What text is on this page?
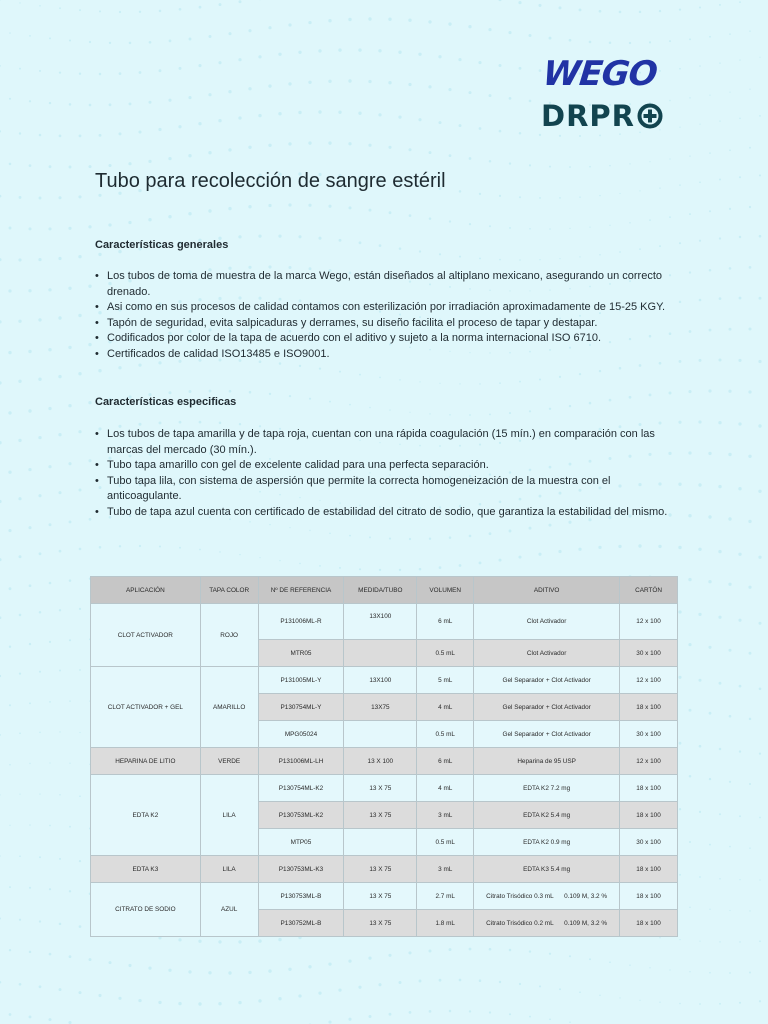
WEGO
DRPR
Tubo para recolección de sangre estéril
Características generales
• Los tubos de toma de muestra de la marca Wego, están diseñados al altiplano mexicano, asegurando un correcto drenado.
• Asi como en sus procesos de calidad contamos con esterilización por irradiación aproximadamente de 15-25 KGY.
• Tapón de seguridad, evita salpicaduras y derrames, su diseño facilita el proceso de tapar y destapar.
• Codificados por color de la tapa de acuerdo con el aditivo y sujeto a la norma internacional ISO 6710.
• Certificados de calidad ISO13485 e ISO9001.
Características especificas
• Los tubos de tapa amarilla y de tapa roja, cuentan con una rápida coagulación (15 mín.) en comparación con las marcas del mercado (30 mín.).
• Tubo tapa amarillo con gel de excelente calidad para una perfecta separación.
• Tubo tapa lila, con sistema de aspersión que permite la correcta homogeneización de la muestra con el anticoagulante.
• Tubo de tapa azul cuenta con certificado de estabilidad del citrato de sodio, que garantiza la estabilidad del mismo.
APLICACIÓN	TAPA COLOR	Nº DE REFERENCIA	MEDIDA/TUBO	VOLUMEN	ADITIVO	CARTÓN
CLOT ACTIVADOR	ROJO	P131006ML-R	13X100	6 mL	Clot Activador	12 x 100
		MTR05		0.5 mL	Clot Activador	30 x 100
CLOT ACTIVADOR + GEL	AMARILLO	P131005ML-Y	13X100	5 mL	Gel Separador + Clot Activador	12 x 100
		P130754ML-Y	13X75	4 mL	Gel Separador + Clot Activador	18 x 100
		MPG05024		0.5 mL	Gel Separador + Clot Activador	30 x 100
HEPARINA DE LITIO	VERDE	P131006ML-LH	13 X 100	6 mL	Heparina de 95 USP	12 x 100
EDTA K2	LILA	P130754ML-K2	13 X 75	4 mL	EDTA K2 7.2 mg	18 x 100
		P130753ML-K2	13 X 75	3 mL	EDTA K2 5.4 mg	18 x 100
		MTP05		0.5 mL	EDTA K2 0.9 mg	30 x 100
EDTA K3	LILA	P130753ML-K3	13 X 75	3 mL	EDTA K3 5.4 mg	18 x 100
CITRATO DE SODIO	AZUL	P130753ML-B	13 X 75	2.7 mL	Citrato Trisódico 0.3 mL      0.109 M, 3.2 %	18 x 100
		P130752ML-B	13 X 75	1.8 mL	Citrato Trisódico 0.2 mL      0.109 M, 3.2 %	18 x 100
